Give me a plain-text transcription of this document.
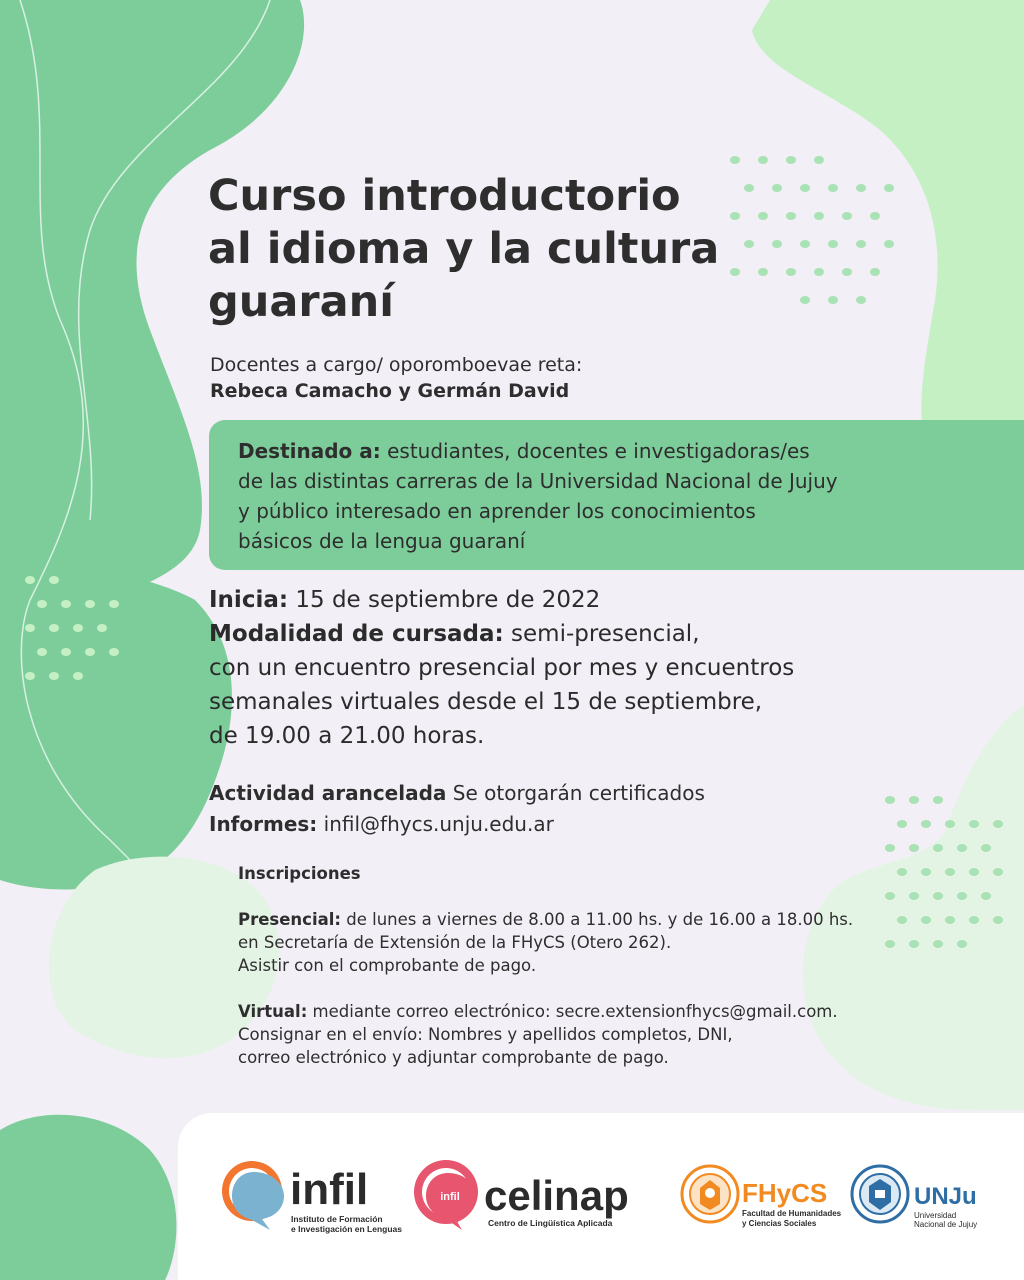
Curso introductorio
al idioma y la cultura
guaraní
Docentes a cargo/ oporomboevae reta:
Rebeca Camacho y Germán David
Destinado a: estudiantes, docentes e investigadoras/es
de las distintas carreras de la Universidad Nacional de Jujuy
y público interesado en aprender los conocimientos
básicos de la lengua guaraní
Inicia: 15 de septiembre de 2022
Modalidad de cursada: semi-presencial,
con un encuentro presencial por mes y encuentros
semanales virtuales desde el 15 de septiembre,
de 19.00 a 21.00 horas.
Actividad arancelada Se otorgarán certificados
Informes: infil@fhycs.unju.edu.ar

Inscripciones

Presencial: de lunes a viernes de 8.00 a 11.00 hs. y de 16.00 a 18.00 hs.

en Secretaría de Extensión de la FHyCS (Otero 262).

Asistir con el comprobante de pago.

Virtual: mediante correo electrónico: secre.extensionfhycs@gmail.com.

Consignar en el envío: Nombres y apellidos completos, DNI,

correo electrónico y adjuntar comprobante de pago.

infil
Instituto de Formación
e Investigación en Lenguas
infil celinap
Centro de Lingüística Aplicada
FHyCS
Facultad de Humanidades
y Ciencias Sociales
UNJu
Universidad
Nacional de Jujuy
